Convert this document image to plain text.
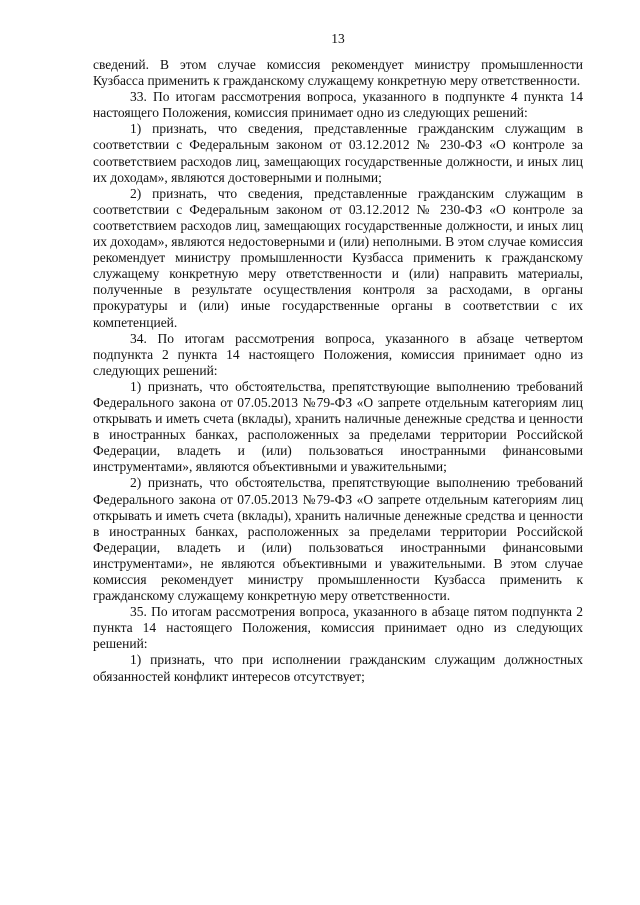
13

сведений. В этом случае комиссия рекомендует министру промышленности Кузбасса применить к гражданскому служащему конкретную меру ответственности.

33. По итогам рассмотрения вопроса, указанного в подпункте 4 пункта 14 настоящего Положения, комиссия принимает одно из следующих решений:

1) признать, что сведения, представленные гражданским служащим в соответствии с Федеральным законом от 03.12.2012 № 230-ФЗ «О контроле за соответствием расходов лиц, замещающих государственные должности, и иных лиц их доходам», являются достоверными и полными;

2) признать, что сведения, представленные гражданским служащим в соответствии с Федеральным законом от 03.12.2012 № 230-ФЗ «О контроле за соответствием расходов лиц, замещающих государственные должности, и иных лиц их доходам», являются недостоверными и (или) неполными. В этом случае комиссия рекомендует министру промышленности Кузбасса применить к гражданскому служащему конкретную меру ответственности и (или) направить материалы, полученные в результате осуществления контроля за расходами, в органы прокуратуры и (или) иные государственные органы в соответствии с их компетенцией.

34. По итогам рассмотрения вопроса, указанного в абзаце четвертом подпункта 2 пункта 14 настоящего Положения, комиссия принимает одно из следующих решений:

1) признать, что обстоятельства, препятствующие выполнению требований Федерального закона от 07.05.2013 №79-ФЗ «О запрете отдельным категориям лиц открывать и иметь счета (вклады), хранить наличные денежные средства и ценности в иностранных банках, расположенных за пределами территории Российской Федерации, владеть и (или) пользоваться иностранными финансовыми инструментами», являются объективными и уважительными;

2) признать, что обстоятельства, препятствующие выполнению требований Федерального закона от 07.05.2013 №79-ФЗ «О запрете отдельным категориям лиц открывать и иметь счета (вклады), хранить наличные денежные средства и ценности в иностранных банках, расположенных за пределами территории Российской Федерации, владеть и (или) пользоваться иностранными финансовыми инструментами», не являются объективными и уважительными. В этом случае комиссия рекомендует министру промышленности Кузбасса применить к гражданскому служащему конкретную меру ответственности.

35. По итогам рассмотрения вопроса, указанного в абзаце пятом подпункта 2 пункта 14 настоящего Положения, комиссия принимает одно из следующих решений:

1) признать, что при исполнении гражданским служащим должностных обязанностей конфликт интересов отсутствует;
